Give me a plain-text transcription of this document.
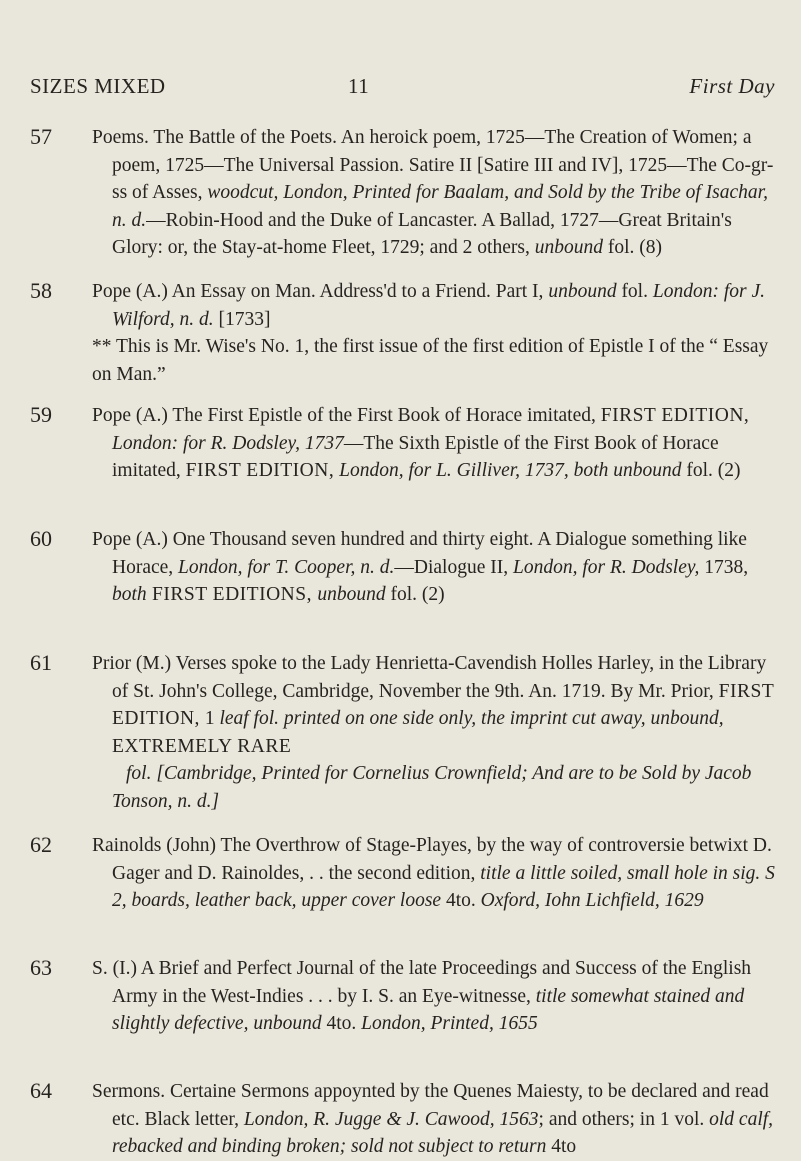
SIZES MIXED	11	First Day
57 Poems. The Battle of the Poets. An heroick poem, 1725—The Creation of Women; a poem, 1725—The Universal Passion. Satire II [Satire III and IV], 1725—The Co-gr-ss of Asses, woodcut, London, Printed for Baalam, and Sold by the Tribe of Isachar, n. d.—Robin-Hood and the Duke of Lancaster. A Ballad, 1727—Great Britain's Glory: or, the Stay-at-home Fleet, 1729; and 2 others, unbound fol. (8)
58 Pope (A.) An Essay on Man. Address'd to a Friend. Part I, unbound fol. London: for J. Wilford, n. d. [1733]
** This is Mr. Wise's No. 1, the first issue of the first edition of Epistle I of the “ Essay on Man.”
59 Pope (A.) The First Epistle of the First Book of Horace imitated, FIRST EDITION, London: for R. Dodsley, 1737—The Sixth Epistle of the First Book of Horace imitated, FIRST EDITION, London, for L. Gilliver, 1737, both unbound fol. (2)
60 Pope (A.) One Thousand seven hundred and thirty eight. A Dialogue something like Horace, London, for T. Cooper, n. d.—Dialogue II, London, for R. Dodsley, 1738, both FIRST EDITIONS, unbound fol. (2)
61 Prior (M.) Verses spoke to the Lady Henrietta-Cavendish Holles Harley, in the Library of St. John's College, Cambridge, November the 9th. An. 1719. By Mr. Prior, FIRST EDITION, 1 leaf fol. printed on one side only, the imprint cut away, unbound,
EXTREMELY RARE
fol. [Cambridge, Printed for Cornelius Crownfield; And are to be Sold by Jacob Tonson, n. d.]
62 Rainolds (John) The Overthrow of Stage-Playes, by the way of controversie betwixt D. Gager and D. Rainoldes, . . the second edition, title a little soiled, small hole in sig. S 2, boards, leather back, upper cover loose 4to. Oxford, Iohn Lichfield, 1629
63 S. (I.) A Brief and Perfect Journal of the late Proceedings and Success of the English Army in the West-Indies . . . by I. S. an Eye-witnesse, title somewhat stained and slightly defective, unbound 4to. London, Printed, 1655
64 Sermons. Certaine Sermons appoynted by the Quenes Maiesty, to be declared and read etc. Black letter, London, R. Jugge & J. Cawood, 1563; and others; in 1 vol. old calf, rebacked and binding broken; sold not subject to return 4to
